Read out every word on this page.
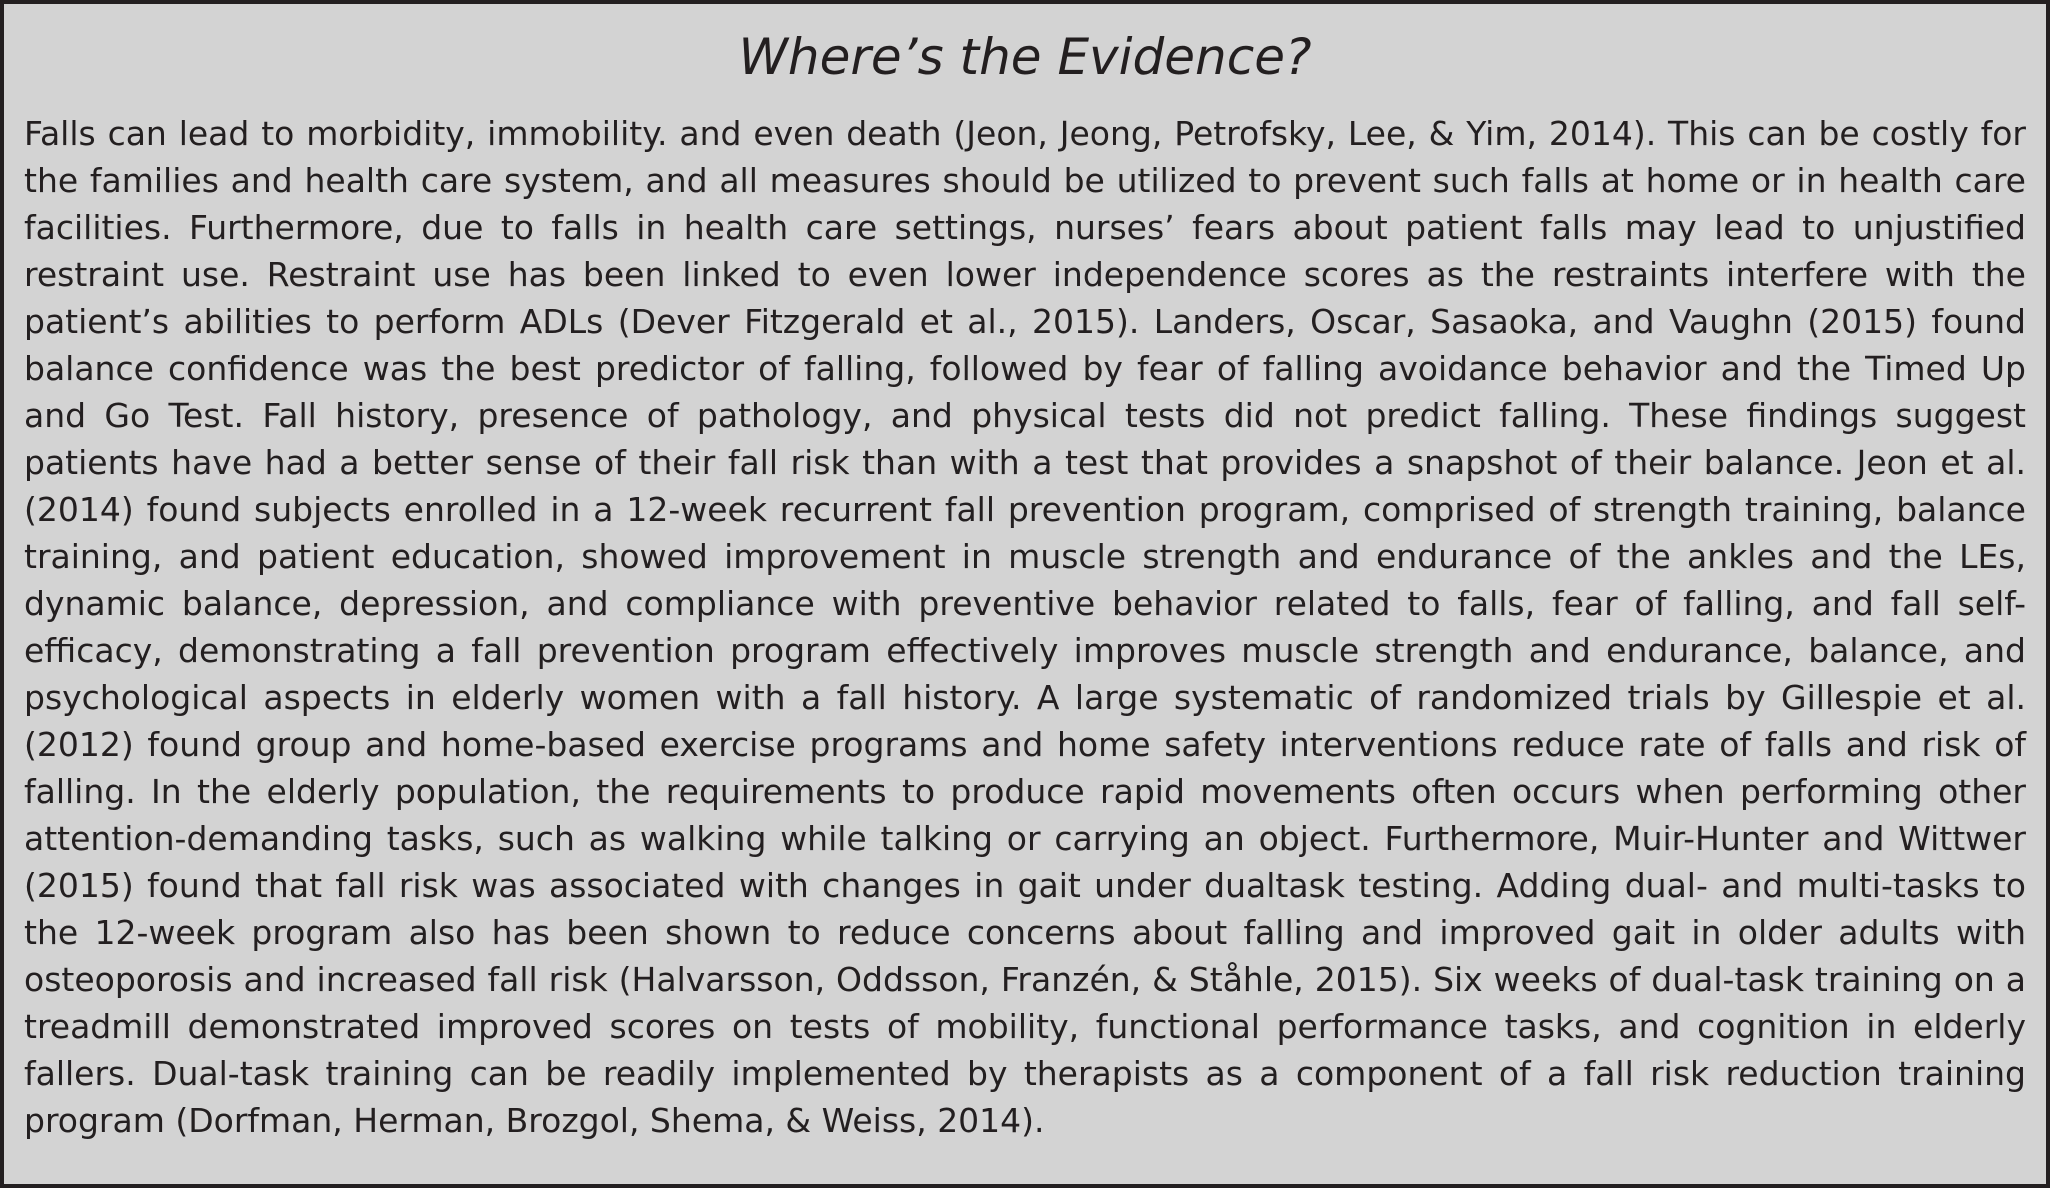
Where’s the Evidence?

Falls can lead to morbidity, immobility. and even death (Jeon, Jeong, Petrofsky, Lee, & Yim, 2014). This can be costly for the families and health care system, and all measures should be utilized to prevent such falls at home or in health care facilities. Furthermore, due to falls in health care settings, nurses’ fears about patient falls may lead to unjustified restraint use. Restraint use has been linked to even lower independence scores as the restraints interfere with the patient’s abilities to perform ADLs (Dever Fitzgerald et al., 2015). Landers, Oscar, Sasaoka, and Vaughn (2015) found balance confidence was the best predictor of falling, followed by fear of falling avoidance behavior and the Timed Up and Go Test. Fall history, presence of pathology, and physical tests did not predict falling. These findings suggest patients have had a better sense of their fall risk than with a test that provides a snapshot of their balance. Jeon et al. (2014) found subjects enrolled in a 12-week recurrent fall prevention program, comprised of strength training, balance training, and patient education, showed improvement in muscle strength and endurance of the ankles and the LEs, dynamic balance, depression, and compliance with preventive behavior related to falls, fear of falling, and fall self-efficacy, demonstrating a fall prevention program effectively improves muscle strength and endurance, balance, and psychological aspects in elderly women with a fall history. A large systematic of randomized trials by Gillespie et al. (2012) found group and home-based exercise programs and home safety interventions reduce rate of falls and risk of falling. In the elderly population, the requirements to produce rapid movements often occurs when performing other attention-demanding tasks, such as walking while talking or carrying an object. Furthermore, Muir-Hunter and Wittwer (2015) found that fall risk was associated with changes in gait under dualtask testing. Adding dual- and multi-tasks to the 12-week program also has been shown to reduce concerns about falling and improved gait in older adults with osteoporosis and increased fall risk (Halvarsson, Oddsson, Franzén, & Ståhle, 2015). Six weeks of dual-task training on a treadmill demonstrated improved scores on tests of mobility, functional performance tasks, and cognition in elderly fallers. Dual-task training can be readily implemented by therapists as a component of a fall risk reduction training program (Dorfman, Herman, Brozgol, Shema, & Weiss, 2014).
